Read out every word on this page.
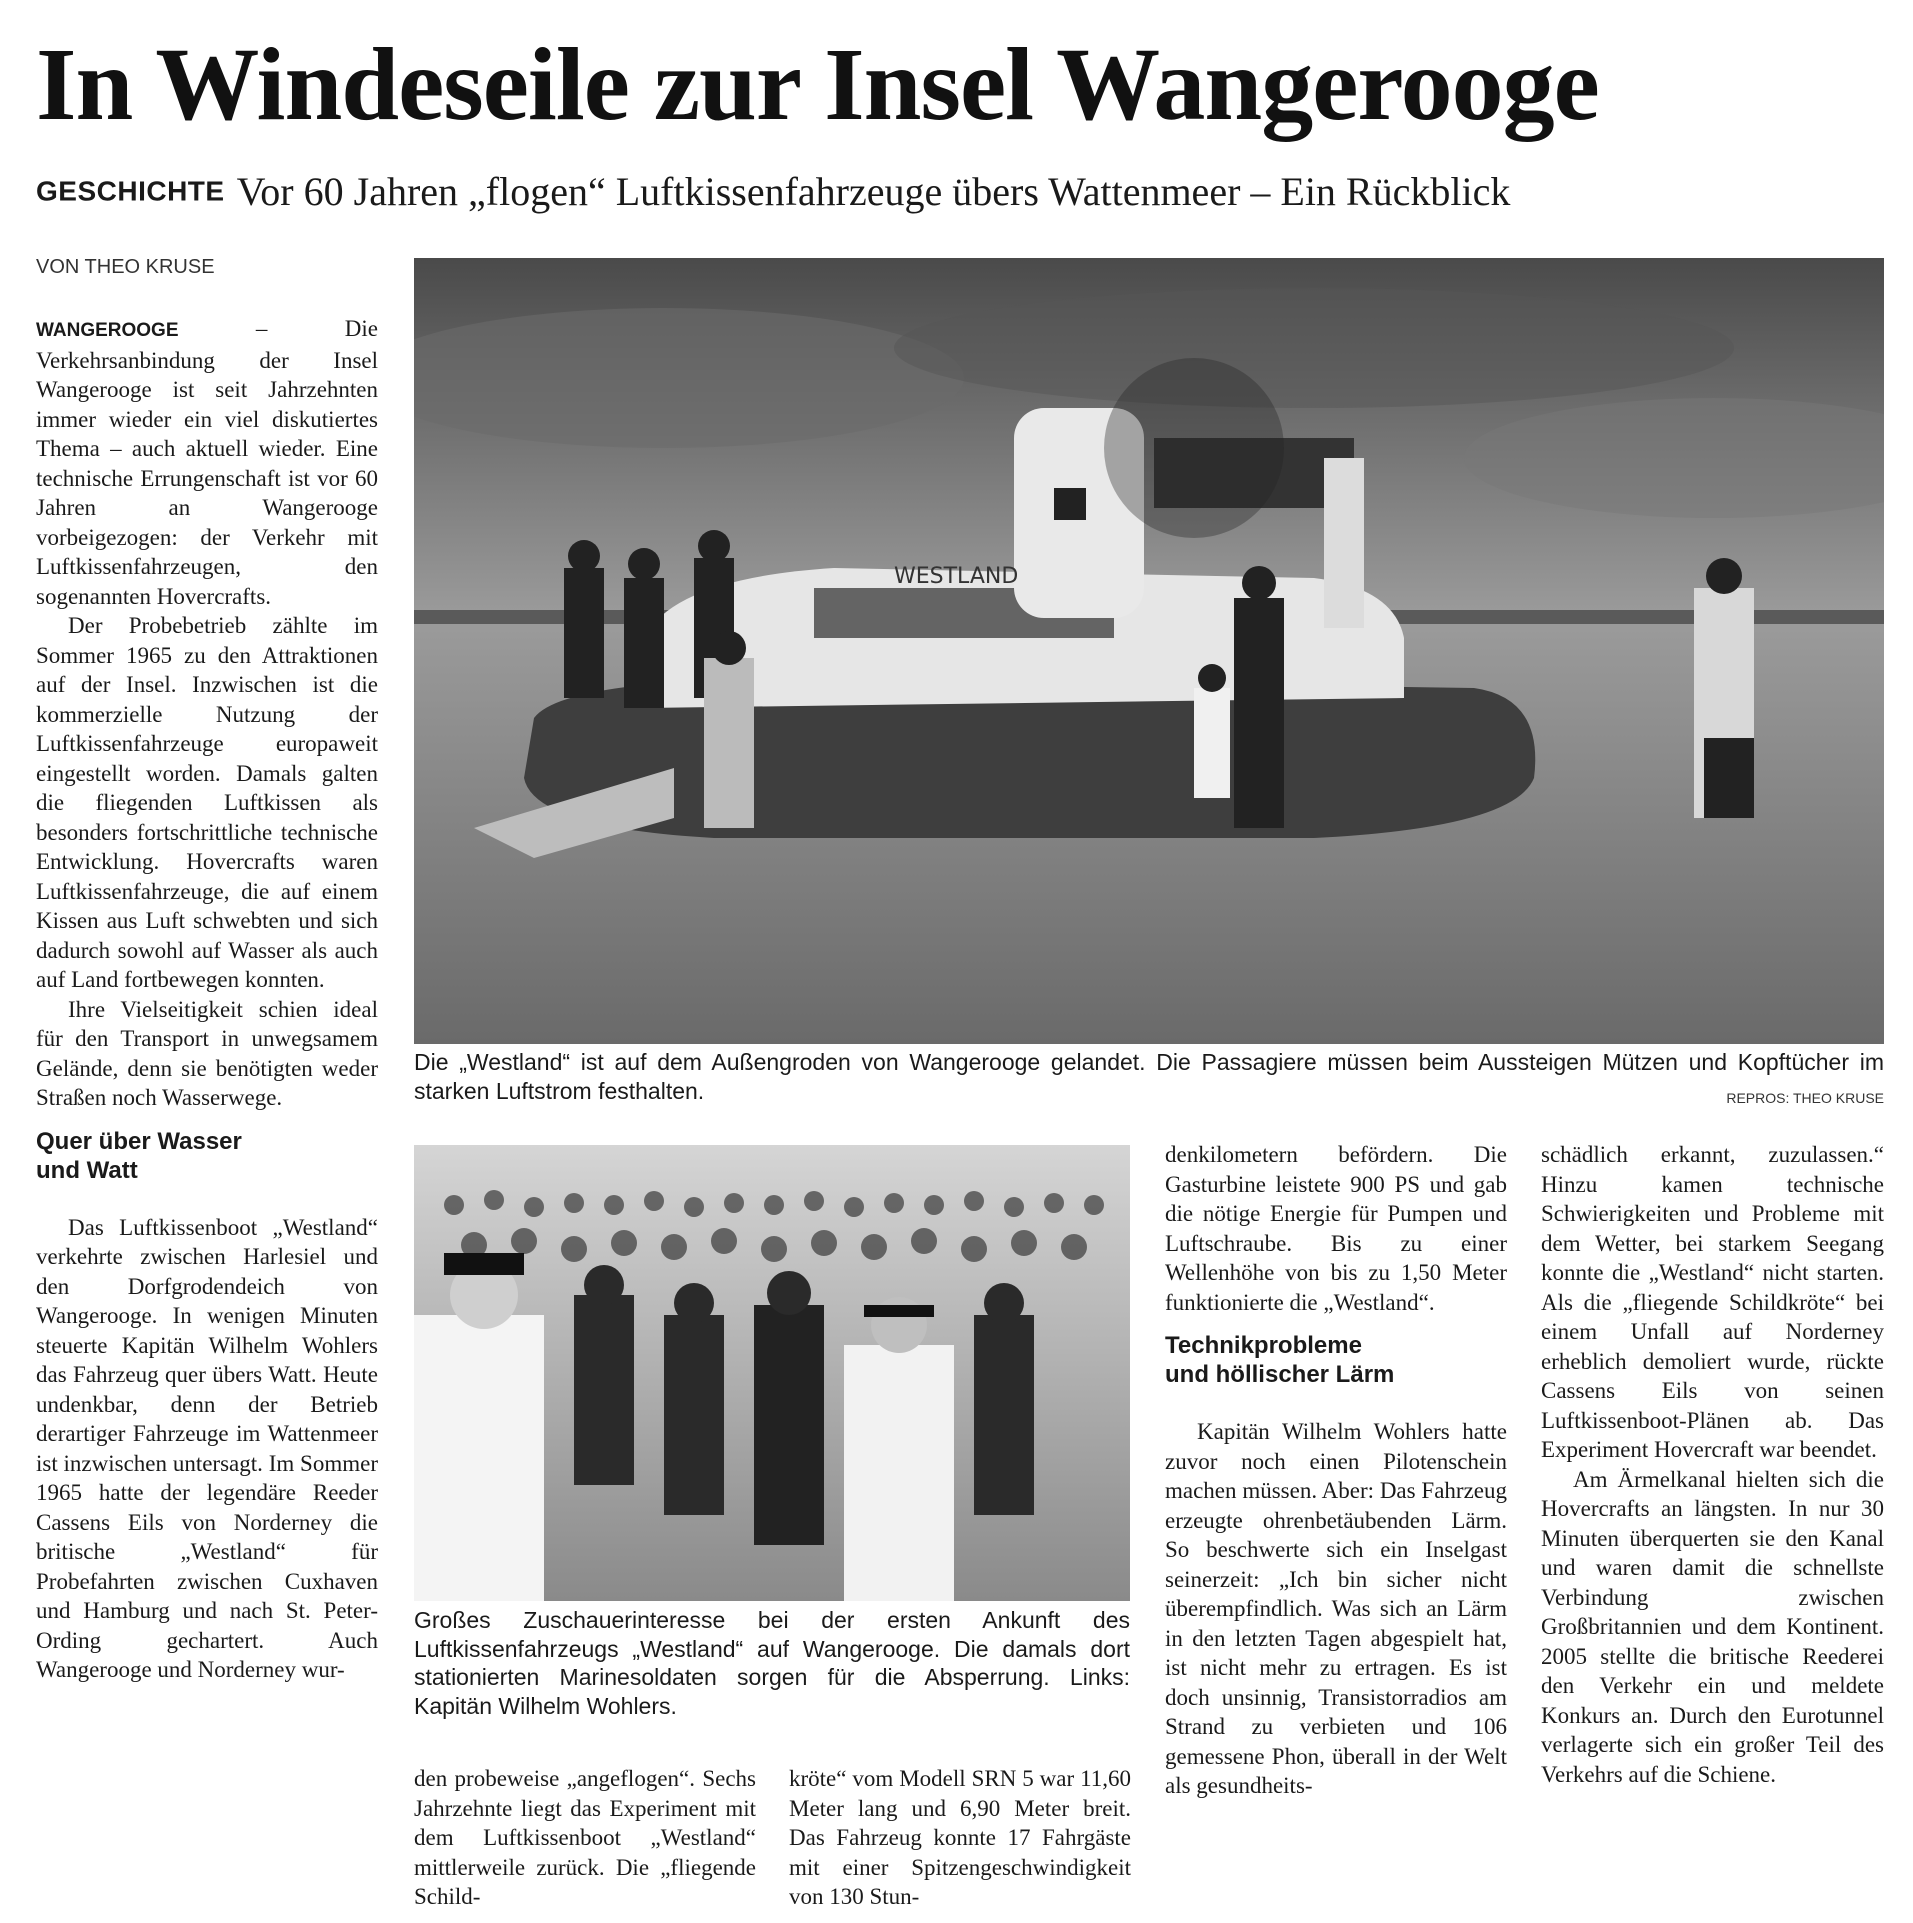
In Windeseile zur Insel Wangerooge
GESCHICHTE Vor 60 Jahren „flogen“ Luftkissenfahrzeuge übers Wattenmeer – Ein Rückblick
VON THEO KRUSE

WANGEROOGE – Die Verkehrsanbindung der Insel Wangerooge ist seit Jahrzehnten immer wieder ein viel diskutiertes Thema – auch aktuell wieder. Eine technische Errungenschaft ist vor 60 Jahren an Wangerooge vorbeigezogen: der Verkehr mit Luftkissenfahrzeugen, den sogenannten Hovercrafts.

Der Probebetrieb zählte im Sommer 1965 zu den Attraktionen auf der Insel. Inzwischen ist die kommerzielle Nutzung der Luftkissenfahrzeuge europaweit eingestellt worden. Damals galten die fliegenden Luftkissen als besonders fortschrittliche technische Entwicklung. Hovercrafts waren Luftkissenfahrzeuge, die auf einem Kissen aus Luft schwebten und sich dadurch sowohl auf Wasser als auch auf Land fortbewegen konnten.

Ihre Vielseitigkeit schien ideal für den Transport in unwegsamem Gelände, denn sie benötigten weder Straßen noch Wasserwege.

Quer über Wasser
und Watt

Das Luftkissenboot „Westland“ verkehrte zwischen Harlesiel und den Dorfgrodendeich von Wangerooge. In wenigen Minuten steuerte Kapitän Wilhelm Wohlers das Fahrzeug quer übers Watt. Heute undenkbar, denn der Betrieb derartiger Fahrzeuge im Wattenmeer ist inzwischen untersagt. Im Sommer 1965 hatte der legendäre Reeder Cassens Eils von Norderney die britische „Westland“ für Probefahrten zwischen Cuxhaven und Hamburg und nach St. Peter-Ording gechartert. Auch Wangerooge und Norderney wur-

WESTLAND
Die „Westland“ ist auf dem Außengroden von Wangerooge gelandet. Die Passagiere müssen beim Aussteigen Mützen und Kopftücher im starken Luftstrom festhalten.	REPROS: THEO KRUSE
Großes Zuschauerinteresse bei der ersten Ankunft des Luftkissenfahrzeugs „Westland“ auf Wangerooge. Die damals dort stationierten Marinesoldaten sorgen für die Absperrung. Links: Kapitän Wilhelm Wohlers.

den probeweise „angeflogen“. Sechs Jahrzehnte liegt das Experiment mit dem Luftkissenboot „Westland“ mittlerweile zurück. Die „fliegende Schild-

kröte“ vom Modell SRN 5 war 11,60 Meter lang und 6,90 Meter breit. Das Fahrzeug konnte 17 Fahrgäste mit einer Spitzengeschwindigkeit von 130 Stun-

denkilometern befördern. Die Gasturbine leistete 900 PS und gab die nötige Energie für Pumpen und Luftschraube. Bis zu einer Wellenhöhe von bis zu 1,50 Meter funktionierte die „Westland“.

Technikprobleme
und höllischer Lärm

Kapitän Wilhelm Wohlers hatte zuvor noch einen Pilotenschein machen müssen. Aber: Das Fahrzeug erzeugte ohrenbetäubenden Lärm. So beschwerte sich ein Inselgast seinerzeit: „Ich bin sicher nicht überempfindlich. Was sich an Lärm in den letzten Tagen abgespielt hat, ist nicht mehr zu ertragen. Es ist doch unsinnig, Transistorradios am Strand zu verbieten und 106 gemessene Phon, überall in der Welt als gesundheits-

schädlich erkannt, zuzulassen.“ Hinzu kamen technische Schwierigkeiten und Probleme mit dem Wetter, bei starkem Seegang konnte die „Westland“ nicht starten. Als die „fliegende Schildkröte“ bei einem Unfall auf Norderney erheblich demoliert wurde, rückte Cassens Eils von seinen Luftkissenboot-Plänen ab. Das Experiment Hovercraft war beendet.

Am Ärmelkanal hielten sich die Hovercrafts an längsten. In nur 30 Minuten überquerten sie den Kanal und waren damit die schnellste Verbindung zwischen Großbritannien und dem Kontinent. 2005 stellte die britische Reederei den Verkehr ein und meldete Konkurs an. Durch den Eurotunnel verlagerte sich ein großer Teil des Verkehrs auf die Schiene.
